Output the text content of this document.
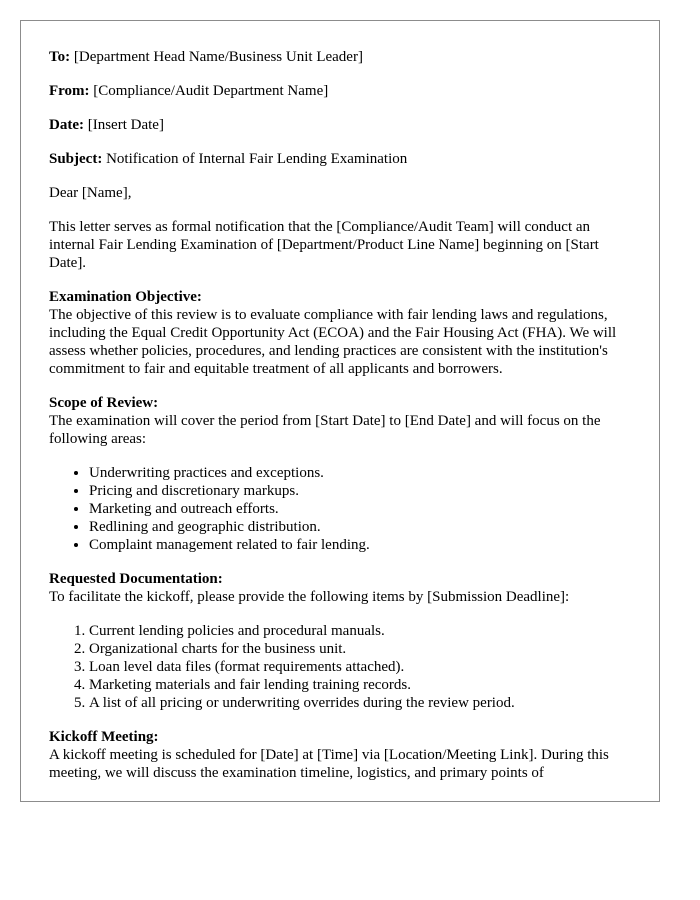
To: [Department Head Name/Business Unit Leader]

From: [Compliance/Audit Department Name]

Date: [Insert Date]

Subject: Notification of Internal Fair Lending Examination

Dear [Name],

This letter serves as formal notification that the [Compliance/Audit Team] will conduct an internal Fair Lending Examination of [Department/Product Line Name] beginning on [Start Date].

Examination Objective:

The objective of this review is to evaluate compliance with fair lending laws and regulations, including the Equal Credit Opportunity Act (ECOA) and the Fair Housing Act (FHA). We will assess whether policies, procedures, and lending practices are consistent with the institution's commitment to fair and equitable treatment of all applicants and borrowers.

Scope of Review:

The examination will cover the period from [Start Date] to [End Date] and will focus on the following areas:

• Underwriting practices and exceptions.
• Pricing and discretionary markups.
• Marketing and outreach efforts.
• Redlining and geographic distribution.
• Complaint management related to fair lending.
Requested Documentation:

To facilitate the kickoff, please provide the following items by [Submission Deadline]:

1. Current lending policies and procedural manuals.
2. Organizational charts for the business unit.
3. Loan level data files (format requirements attached).
4. Marketing materials and fair lending training records.
5. A list of all pricing or underwriting overrides during the review period.
Kickoff Meeting:

A kickoff meeting is scheduled for [Date] at [Time] via [Location/Meeting Link]. During this meeting, we will discuss the examination timeline, logistics, and primary points of
